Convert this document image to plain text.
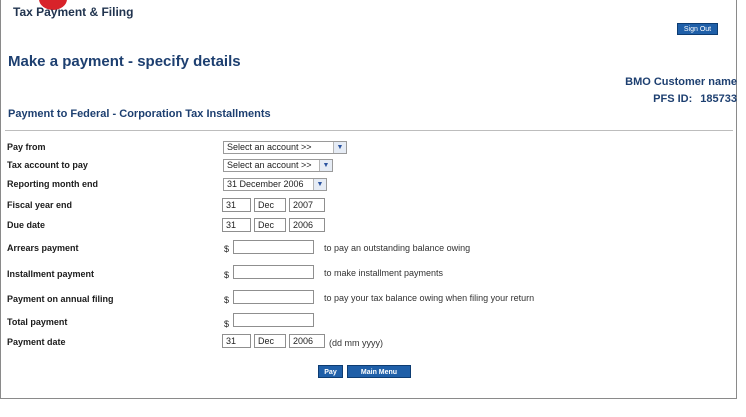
Tax Payment & Filing
Sign Out
Make a payment - specify details
BMO Customer name
PFS ID: 185733
Payment to Federal - Corporation Tax Installments
Pay from	Select an account >>	▼
Tax account to pay	Select an account >>	▼
Reporting month end	31 December 2006	▼
Fiscal year end	31	Dec	2007
Due date	31	Dec	2006
Arrears payment	$	to pay an outstanding balance owing
Installment payment	$	to make installment payments
Payment on annual filing	$	to pay your tax balance owing when filing your return
Total payment	$
Payment date	31	Dec	2006	(dd mm yyyy)
Pay	Main Menu
